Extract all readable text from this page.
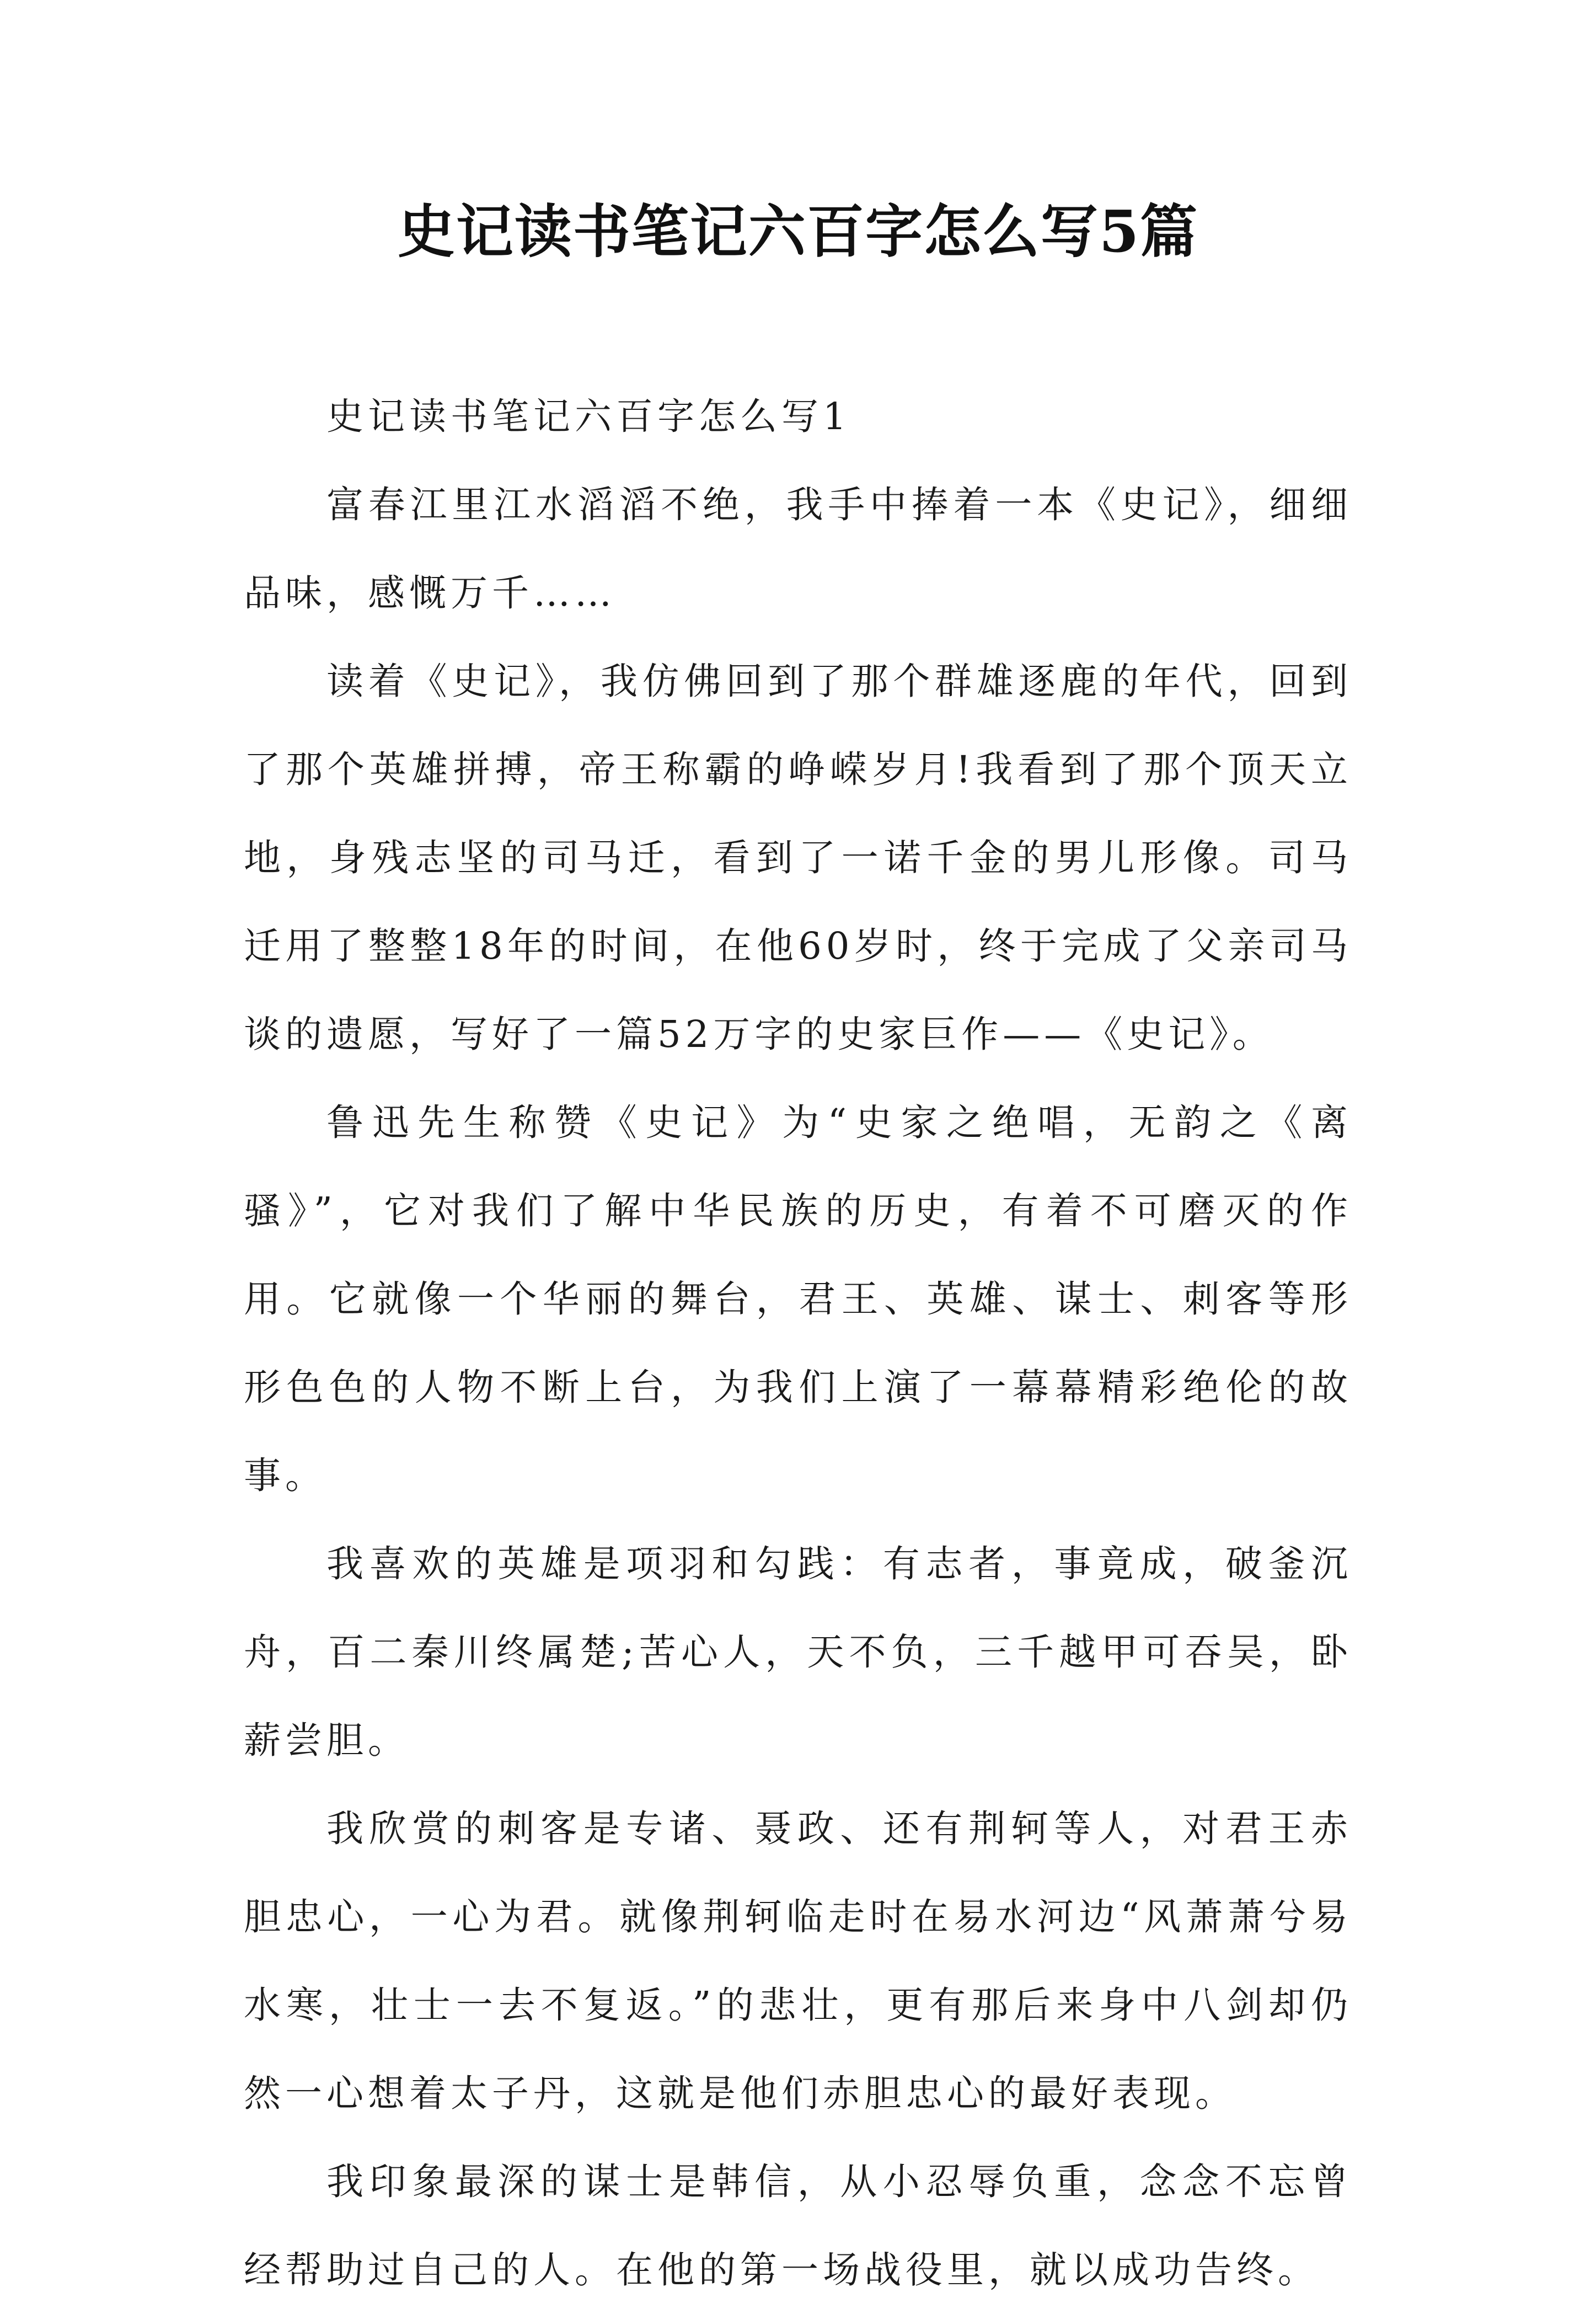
史记读书笔记六百字怎么写5篇

史记读书笔记六百字怎么写1

富春江里江水滔滔不绝，我手中捧着一本《史记》，细细品味，感慨万千……

读着《史记》，我仿佛回到了那个群雄逐鹿的年代，回到了那个英雄拼搏，帝王称霸的峥嵘岁月!我看到了那个顶天立地，身残志坚的司马迁，看到了一诺千金的男儿形像。司马迁用了整整18年的时间，在他60岁时，终于完成了父亲司马谈的遗愿，写好了一篇52万字的史家巨作——《史记》。

鲁迅先生称赞《史记》为“史家之绝唱，无韵之《离骚》”，它对我们了解中华民族的历史，有着不可磨灭的作用。它就像一个华丽的舞台，君王、英雄、谋士、刺客等形形色色的人物不断上台，为我们上演了一幕幕精彩绝伦的故事。

我喜欢的英雄是项羽和勾践：有志者，事竟成，破釜沉舟，百二秦川终属楚;苦心人，天不负，三千越甲可吞吴，卧薪尝胆。

我欣赏的刺客是专诸、聂政、还有荆轲等人，对君王赤胆忠心，一心为君。就像荆轲临走时在易水河边“风萧萧兮易水寒，壮士一去不复返。”的悲壮，更有那后来身中八剑却仍然一心想着太子丹，这就是他们赤胆忠心的最好表现。

我印象最深的谋士是韩信，从小忍辱负重，念念不忘曾经帮助过自己的人。在他的第一场战役里，就以成功告终。
